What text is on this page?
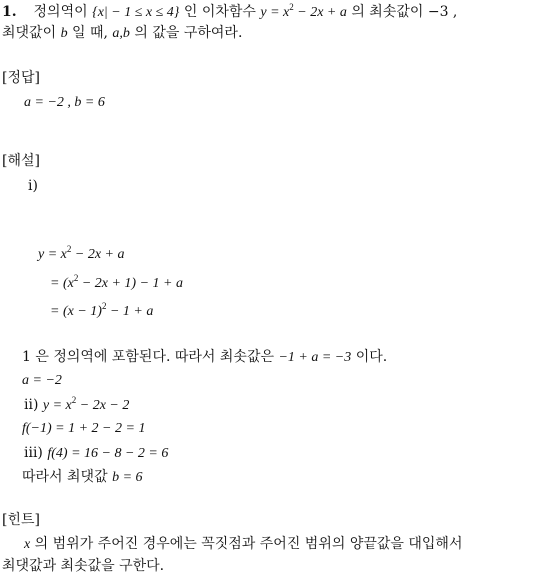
1. 정의역이 {x| − 1 ≤ x ≤ 4} 인 이차함수 $y = x^2 - 2x + a$ 의 최솟값이 −3 ,
최댓값이 b 일 때, a,b 의 값을 구하여라.
[정답]
a = −2 , b = 6
[해설]
ⅰ)
$y = x^2 - 2x + a$
= $(x^2 - 2x + 1) - 1 + a$
= $(x - 1)^2 - 1 + a$
1 은 정의역에 포함된다. 따라서 최솟값은 −1 + a = −3 이다.
a = −2
ⅱ) $y = x^2 - 2x - 2$
f(−1) = 1 + 2 − 2 = 1
ⅲ) f(4) = 16 − 8 − 2 = 6
따라서 최댓값 b = 6
[힌트]
x 의 범위가 주어진 경우에는 꼭짓점과 주어진 범위의 양끝값을 대입해서
최댓값과 최솟값을 구한다.
